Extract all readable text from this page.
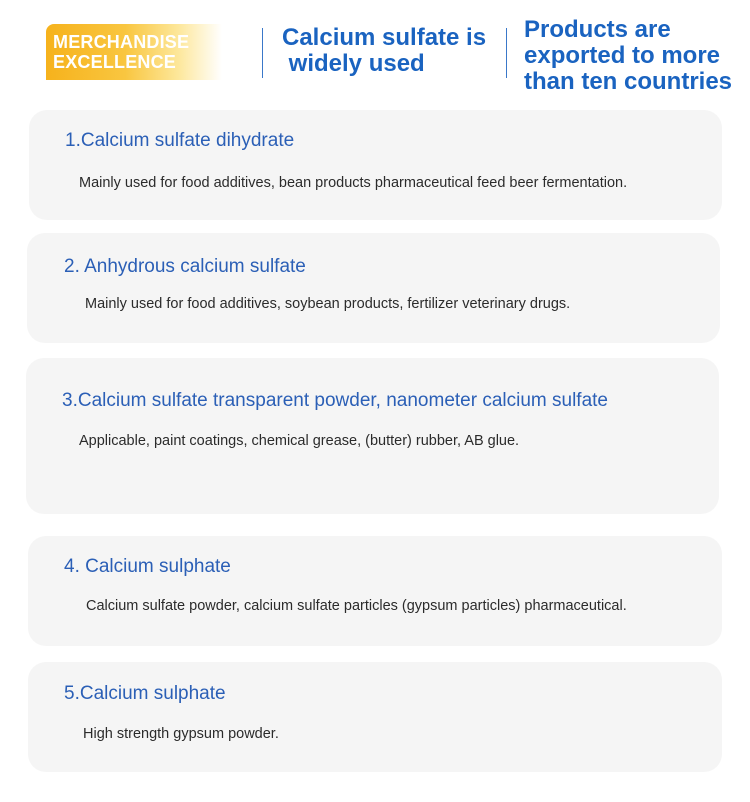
MERCHANDISE
EXCELLENCE
Calcium sulfate is
widely used
Products are
exported to more
than ten countries
1.Calcium sulfate dihydrate
Mainly used for food additives, bean products pharmaceutical feed beer fermentation.
2. Anhydrous calcium sulfate
Mainly used for food additives, soybean products, fertilizer veterinary drugs.
3.Calcium sulfate transparent powder, nanometer calcium sulfate
Applicable, paint coatings, chemical grease, (butter) rubber, AB glue.
4. Calcium sulphate
Calcium sulfate powder, calcium sulfate particles (gypsum particles) pharmaceutical.
5.Calcium sulphate
High strength gypsum powder.
